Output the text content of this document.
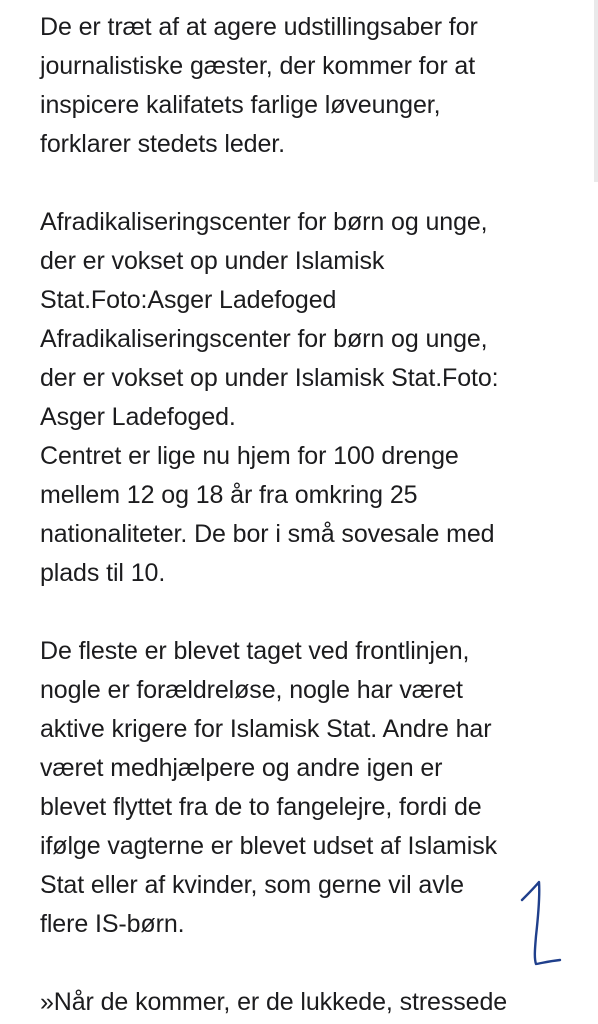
De er træt af at agere udstillingsaber for
journalistiske gæster, der kommer for at
inspicere kalifatets farlige løveunger,
forklarer stedets leder.
Afradikaliseringscenter for børn og unge,
der er vokset op under Islamisk
Stat.Foto:Asger Ladefoged
Afradikaliseringscenter for børn og unge,
der er vokset op under Islamisk Stat.Foto:
Asger Ladefoged.
Centret er lige nu hjem for 100 drenge
mellem 12 og 18 år fra omkring 25
nationaliteter. De bor i små sovesale med
plads til 10.
De fleste er blevet taget ved frontlinjen,
nogle er forældreløse, nogle har været
aktive krigere for Islamisk Stat. Andre har
været medhjælpere og andre igen er
blevet flyttet fra de to fangelejre, fordi de
ifølge vagterne er blevet udset af Islamisk
Stat eller af kvinder, som gerne vil avle
flere IS-børn.
»Når de kommer, er de lukkede, stressede
